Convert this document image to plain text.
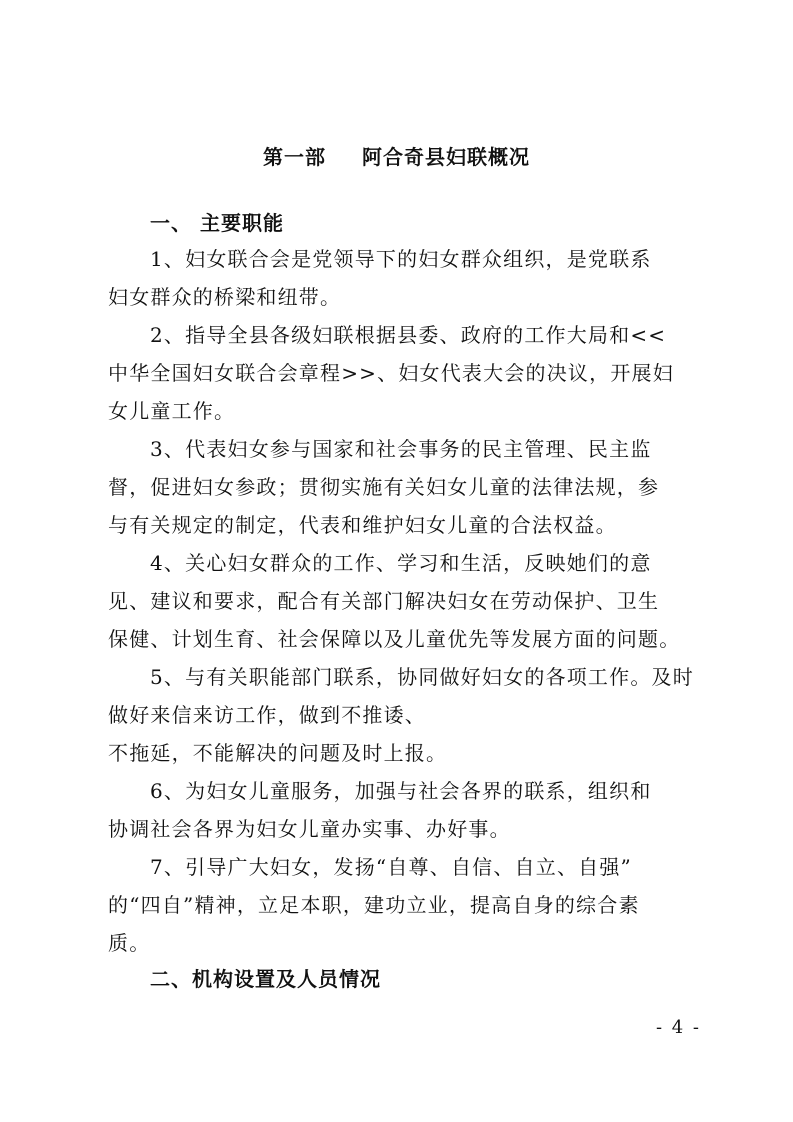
第一部 阿合奇县妇联概况
一、 主要职能
1、妇女联合会是党领导下的妇女群众组织，是党联系
妇女群众的桥梁和纽带。
2、指导全县各级妇联根据县委、政府的工作大局和<<
中华全国妇女联合会章程>>、妇女代表大会的决议，开展妇
女儿童工作。
3、代表妇女参与国家和社会事务的民主管理、民主监
督，促进妇女参政；贯彻实施有关妇女儿童的法律法规，参
与有关规定的制定，代表和维护妇女儿童的合法权益。
4、关心妇女群众的工作、学习和生活，反映她们的意
见、建议和要求，配合有关部门解决妇女在劳动保护、卫生
保健、计划生育、社会保障以及儿童优先等发展方面的问题。
5、与有关职能部门联系，协同做好妇女的各项工作。及时
做好来信来访工作，做到不推诿、
不拖延，不能解决的问题及时上报。
6、为妇女儿童服务，加强与社会各界的联系，组织和
协调社会各界为妇女儿童办实事、办好事。
7、引导广大妇女，发扬“自尊、自信、自立、自强”
的“四自”精神，立足本职，建功立业，提高自身的综合素
质。
二、机构设置及人员情况
- 4 -
